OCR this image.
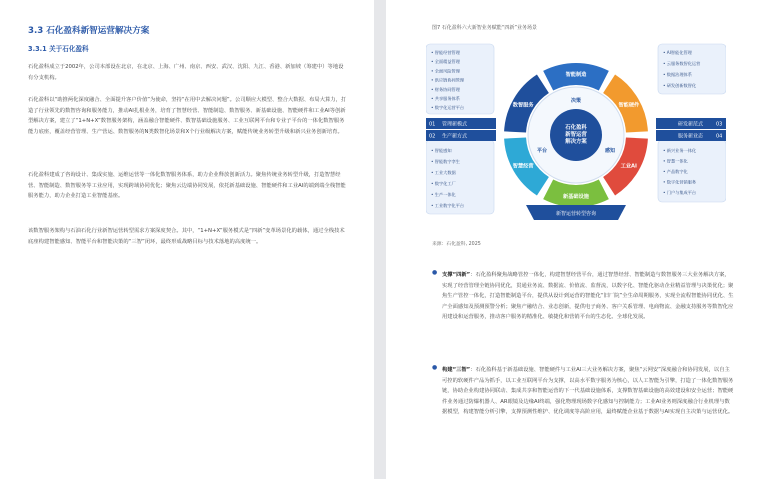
3.3 石化盈科新智运营解决方案
3.3.1 关于石化盈科

石化盈科成立于2002年，公司本部设在北京，在北京、上海、广州、南京、西安、武汉、沈阳、九江、香港、新加坡（筹建中）等地设有分支机构。

石化盈科以“助推两化深度融合、全面提升客户价值”为使命，坚持“在用中去解决问题”。公司顺应大模型、整合大数据、布局大算力，打造了行业领先的数智咨询和服务能力，推动AI扎根业务，培育了智慧经营、智能制造、数智服务、新基础设施、智能硬件和工业AI等创新型解决方案，建立了“1+N+X”数智服务架构，涵盖融合智能硬件、数智基础设施服务、工业互联网平台和专业子平台的一体化数智服务能力底座，覆盖经营管理、生产营运、数智服务的N类数智化场景和X个行业级解决方案，赋能传统业务转型升级和新兴业务创新培育。

石化盈科建成了咨询设计、集成实施、运维运营等一体化数智服务体系，助力企业释放创新活力。聚焦传统业务转型升级，打造智慧经营、智能制造、数智服务等工业应用，实现跨域协同优化；聚焦云边端协同发展，依托新基础设施、智能硬件和工业AI的端到端全栈智能服务能力，助力企业打造工业智能基座。

该数智服务架构与石油石化行业新智运营转型需求方案深度契合。其中，“1+N+X”服务模式是“四新”变革场景化的载体，通过全栈技术底座构建智能感知、智能平台和智能决策的“三智”闭环，最终形成战略目标与技术落地的高度统一。

图7 石化盈科六大新智业务赋能“四新”业务场景
• 智能经营管理
• 全面精益管理
• 全面风险管理
• 供应链协同管理
• 财务协同管理
• 共享服务体系
• 数字化运营平台
• 智能感知
• 智能数字孪生
• 工业大数据
• 数字化工厂
• 生产一体化
• 工业数字化平台
• AI智能化管理
• 云服务数智化运营
• 数据治理体系
• 研发创新数智化
• 新兴业务一体化
• 智慧一体化
• 产品数字化
• 数字化营销服务
• 门户与集成平台
01 管理新模式
02 生产新方式
研发新范式	03
服务新业态	04
石化盈科
新智运营
解决方案
决策
平台	感知
智能制造
智能硬件
工业AI
新基础设施
智慧经营
数智服务
新智运营转型咨询
来源：石化盈科, 2025
● 支撑“四新”：石化盈科聚焦战略管控一体化，构建智慧经营平台，通过智慧经营、智能制造与数智服务三大业务解决方案，实现了经营管理全链协同优化，贯通业务流、数据流、价值流、监督流，以数字化、智能化驱动企业精益管理与决策优化；聚焦生产管控一体化，打造智能制造平台，提供从设计到运营的智能化“旧厂院”全生命周期服务，实现全流程智能协同优化、生产全面感知及预测预警分析；聚焦产融结合、业态创新，提供电子商务、客户关系管理、电商物流、金融支持服务等数智化应用建设和运营服务，推动客户服务的精准化、敏捷化和营销平台的生态化、全球化发展。

● 构建“三智”：石化盈科基于新基础设施、智能硬件与工业AI三大业务解决方案，聚焦“云网安”深度融合和协同发展，以自主可控的软硬件产品为抓手，以工业互联网平台为支撑，以高水平数字服务为核心，以人工智能为引擎，打造了一体化数智服务链，协助企业构建协同联动、集成共享和智能运营的下一代基础设施体系，支撑数智基础设施的高效建设和安全运营；智能硬件业务通过防爆机器人、AR眼镜及边缘AI终端，强化物理现场数字化感知与控制能力；工业AI业务则深度融合行业机理与数据模型，构建智能分析引擎，支撑预测性维护、优化调度等高阶应用，最终赋能企业基于数据与AI实现自主决策与运营优化。
